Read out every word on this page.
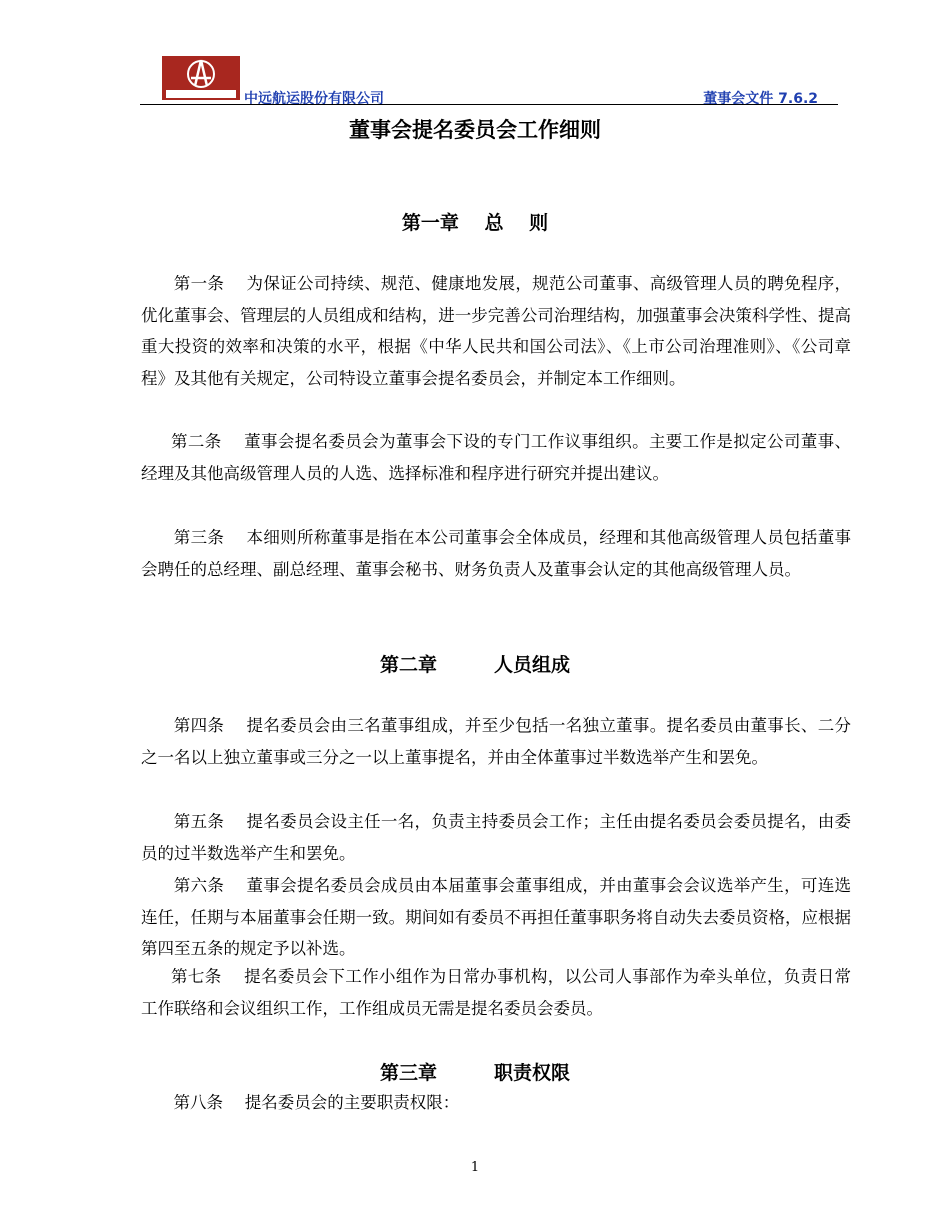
中远航运股份有限公司	董事会文件 7.6.2
董事会提名委员会工作细则
第一章　 总　 则

　第一条　 为保证公司持续、规范、健康地发展，规范公司董事、高级管理人员的聘免程序，优化董事会、管理层的人员组成和结构，进一步完善公司治理结构，加强董事会决策科学性、提高重大投资的效率和决策的水平，根据《中华人民共和国公司法》、《上市公司治理准则》、《公司章程》及其他有关规定，公司特设立董事会提名委员会，并制定本工作细则。

第二条　 董事会提名委员会为董事会下设的专门工作议事组织。主要工作是拟定公司董事、经理及其他高级管理人员的人选、选择标准和程序进行研究并提出建议。

　第三条　 本细则所称董事是指在本公司董事会全体成员，经理和其他高级管理人员包括董事会聘任的总经理、副总经理、董事会秘书、财务负责人及董事会认定的其他高级管理人员。

第二章　　　人员组成

　第四条　 提名委员会由三名董事组成，并至少包括一名独立董事。提名委员由董事长、二分之一名以上独立董事或三分之一以上董事提名，并由全体董事过半数选举产生和罢免。

　第五条　 提名委员会设主任一名，负责主持委员会工作；主任由提名委员会委员提名，由委员的过半数选举产生和罢免。

　第六条　 董事会提名委员会成员由本届董事会董事组成，并由董事会会议选举产生，可连选连任，任期与本届董事会任期一致。期间如有委员不再担任董事职务将自动失去委员资格，应根据第四至五条的规定予以补选。

第七条　 提名委员会下工作小组作为日常办事机构，以公司人事部作为牵头单位，负责日常工作联络和会议组织工作，工作组成员无需是提名委员会委员。

第三章　　　职责权限

　第八条　 提名委员会的主要职责权限：

1
